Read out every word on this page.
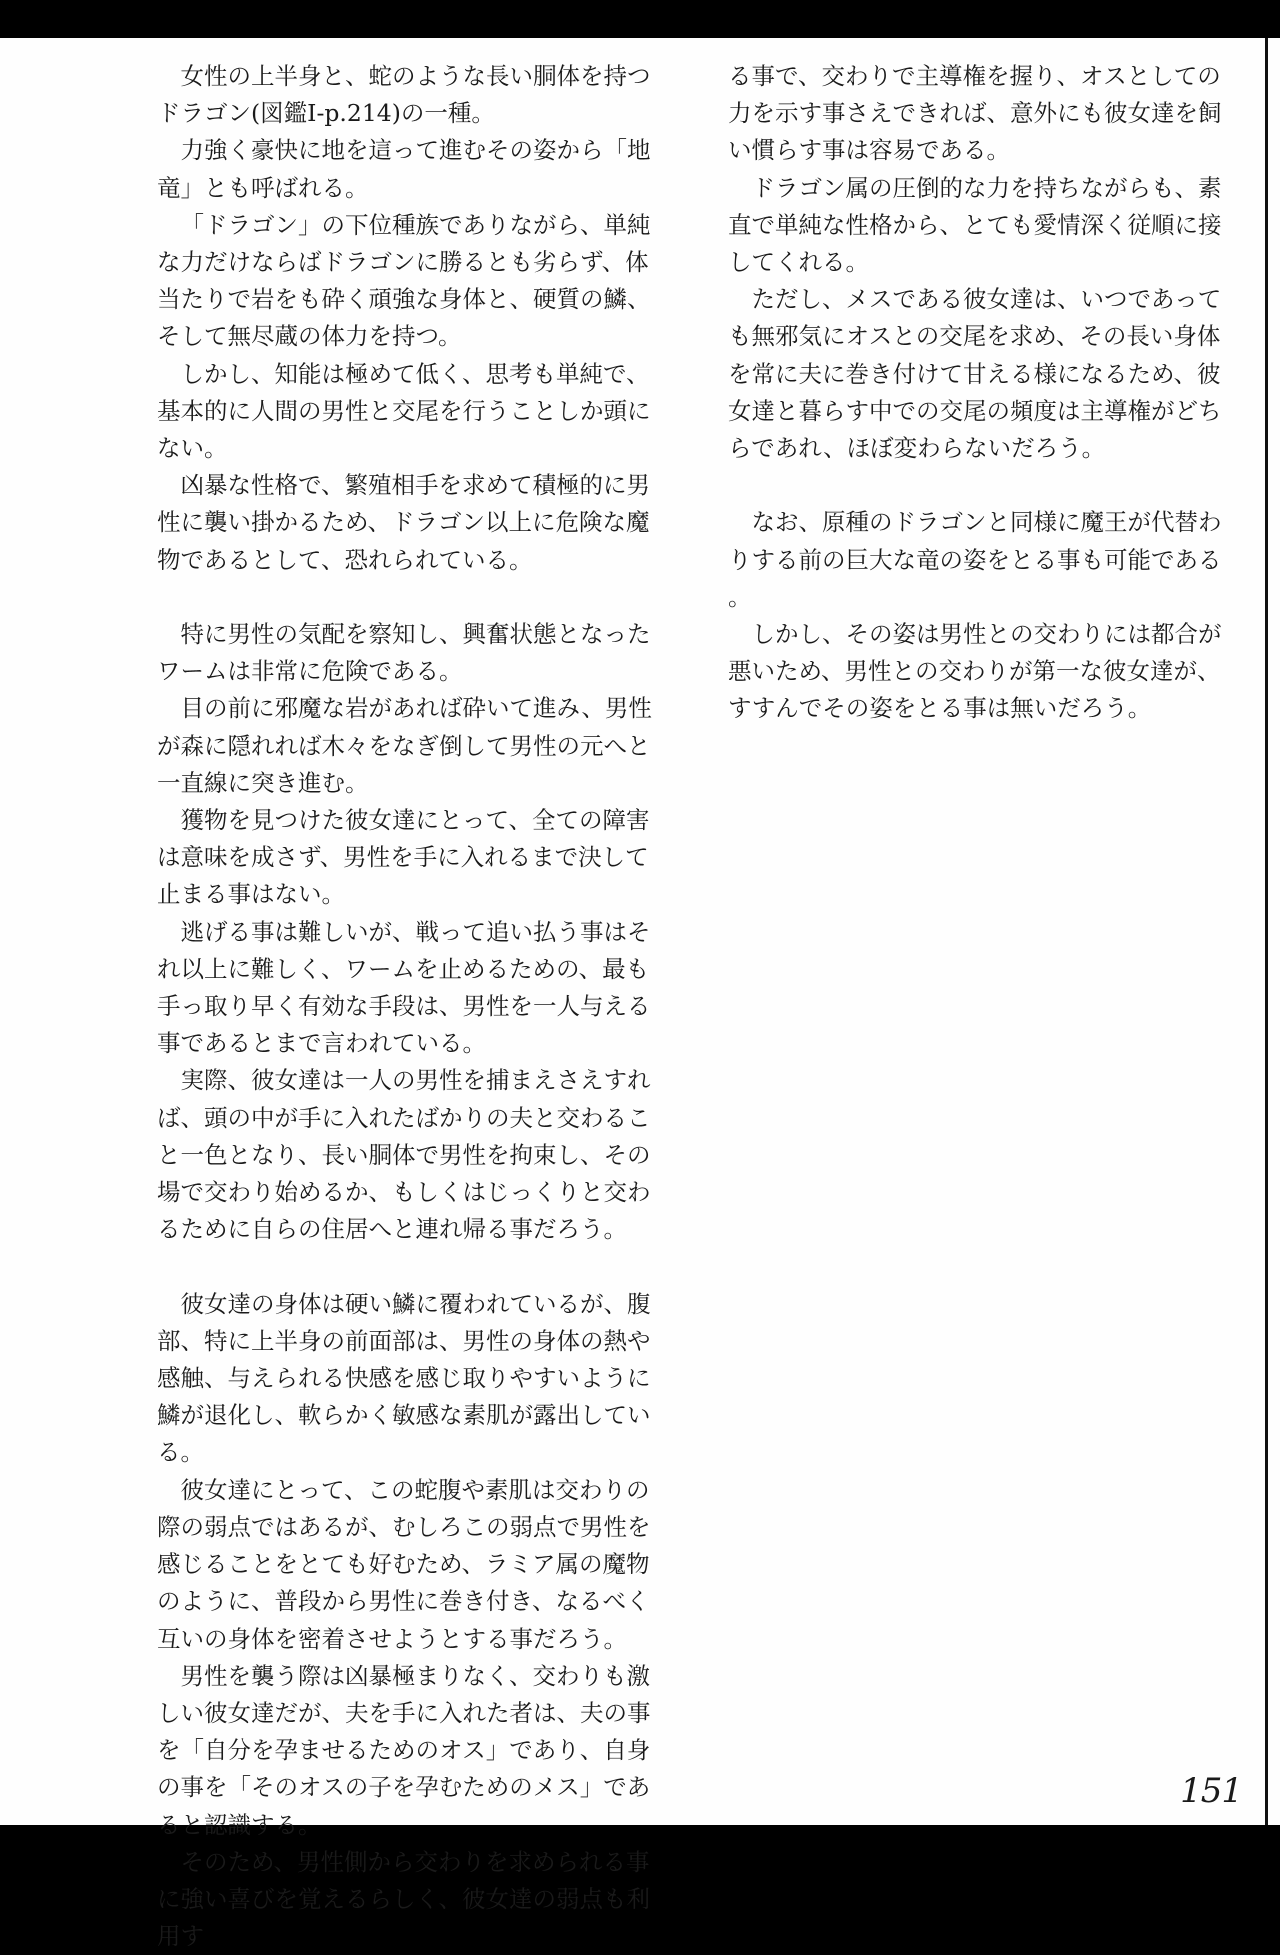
女性の上半身と、蛇のような長い胴体を持つドラゴン(図鑑Ⅰ-p.214)の一種。

力強く豪快に地を這って進むその姿から「地竜」とも呼ばれる。

「ドラゴン」の下位種族でありながら、単純な力だけならばドラゴンに勝るとも劣らず、体当たりで岩をも砕く頑強な身体と、硬質の鱗、そして無尽蔵の体力を持つ。

しかし、知能は極めて低く、思考も単純で、基本的に人間の男性と交尾を行うことしか頭にない。

凶暴な性格で、繁殖相手を求めて積極的に男性に襲い掛かるため、ドラゴン以上に危険な魔物であるとして、恐れられている。

特に男性の気配を察知し、興奮状態となったワームは非常に危険である。

目の前に邪魔な岩があれば砕いて進み、男性が森に隠れれば木々をなぎ倒して男性の元へと一直線に突き進む。

獲物を見つけた彼女達にとって、全ての障害は意味を成さず、男性を手に入れるまで決して止まる事はない。

逃げる事は難しいが、戦って追い払う事はそれ以上に難しく、ワームを止めるための、最も手っ取り早く有効な手段は、男性を一人与える事であるとまで言われている。

実際、彼女達は一人の男性を捕まえさえすれば、頭の中が手に入れたばかりの夫と交わること一色となり、長い胴体で男性を拘束し、その場で交わり始めるか、もしくはじっくりと交わるために自らの住居へと連れ帰る事だろう。

彼女達の身体は硬い鱗に覆われているが、腹部、特に上半身の前面部は、男性の身体の熱や感触、与えられる快感を感じ取りやすいように鱗が退化し、軟らかく敏感な素肌が露出している。

彼女達にとって、この蛇腹や素肌は交わりの際の弱点ではあるが、むしろこの弱点で男性を感じることをとても好むため、ラミア属の魔物のように、普段から男性に巻き付き、なるべく互いの身体を密着させようとする事だろう。

男性を襲う際は凶暴極まりなく、交わりも激しい彼女達だが、夫を手に入れた者は、夫の事を「自分を孕ませるためのオス」であり、自身の事を「そのオスの子を孕むためのメス」であると認識する。

そのため、男性側から交わりを求められる事に強い喜びを覚えるらしく、彼女達の弱点も利用す

る事で、交わりで主導権を握り、オスとしての力を示す事さえできれば、意外にも彼女達を飼い慣らす事は容易である。

ドラゴン属の圧倒的な力を持ちながらも、素直で単純な性格から、とても愛情深く従順に接してくれる。

ただし、メスである彼女達は、いつであっても無邪気にオスとの交尾を求め、その長い身体を常に夫に巻き付けて甘える様になるため、彼女達と暮らす中での交尾の頻度は主導権がどちらであれ、ほぼ変わらないだろう。

なお、原種のドラゴンと同様に魔王が代替わりする前の巨大な竜の姿をとる事も可能である。

しかし、その姿は男性との交わりには都合が悪いため、男性との交わりが第一な彼女達が、すすんでその姿をとる事は無いだろう。

151
